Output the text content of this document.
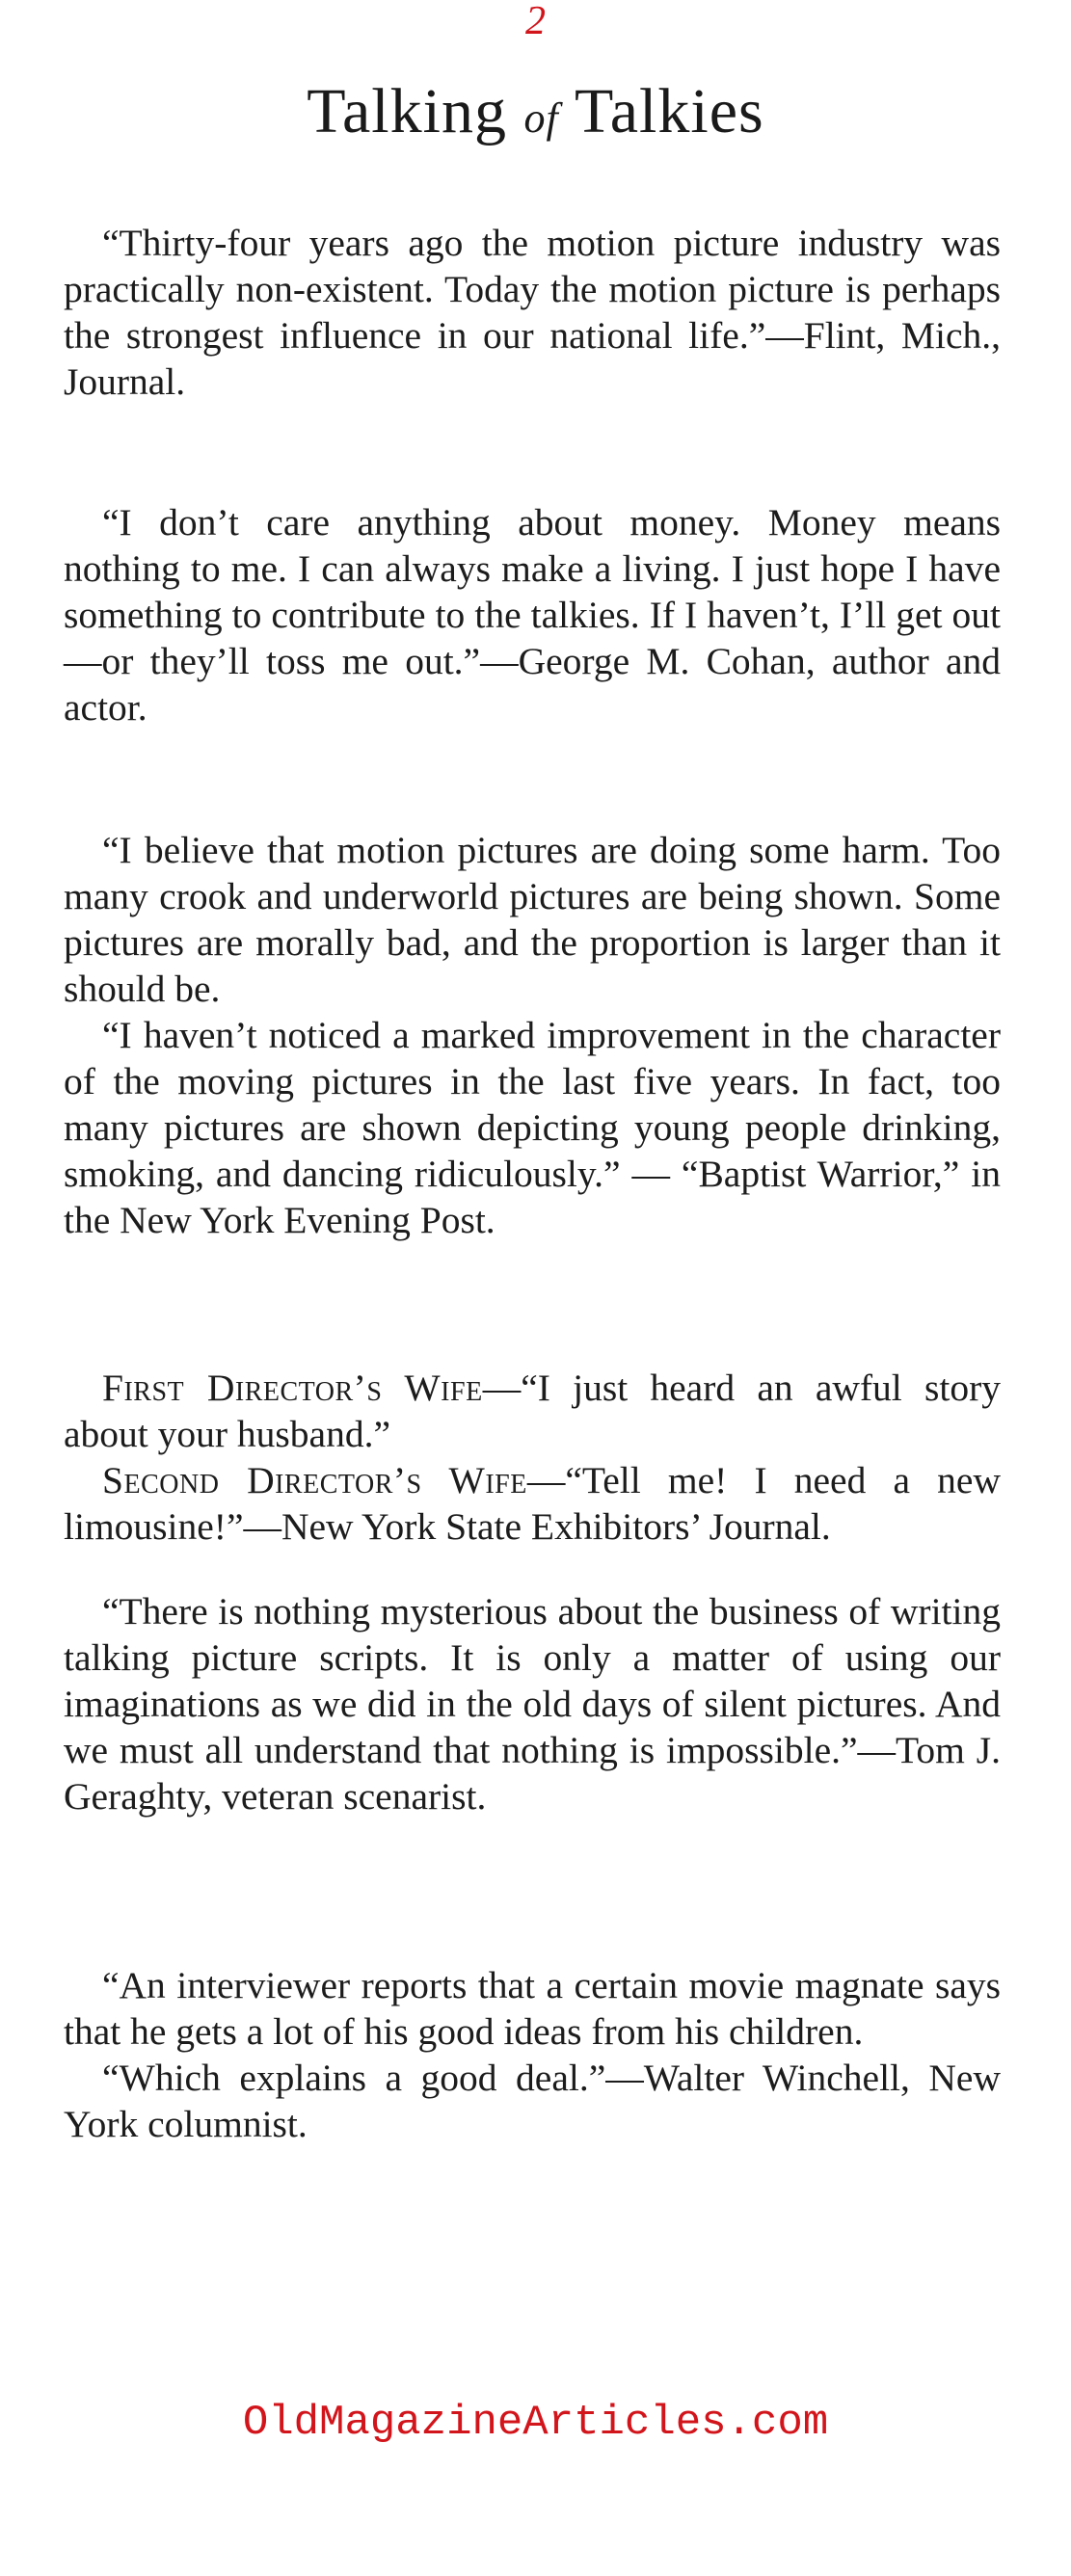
2
Talking of Talkies

“Thirty-four years ago the motion picture industry was practically non-existent. Today the motion picture is perhaps the strongest influence in our national life.”—Flint, Mich., Journal.

“I don’t care anything about money. Money means nothing to me. I can always make a living. I just hope I have something to contribute to the talkies. If I haven’t, I’ll get out —or they’ll toss me out.”—George M. Cohan, author and actor.

“I believe that motion pictures are doing some harm. Too many crook and underworld pictures are being shown. Some pictures are morally bad, and the proportion is larger than it should be.

“I haven’t noticed a marked improvement in the character of the moving pictures in the last five years. In fact, too many pictures are shown depicting young people drinking, smoking, and dancing ridiculously.” — “Baptist Warrior,” in the New York Evening Post.

First Director’s Wife—“I just heard an awful story about your husband.”

Second Director’s Wife—“Tell me! I need a new limousine!”—New York State Exhibitors’ Journal.

“There is nothing mysterious about the business of writing talking picture scripts. It is only a matter of using our imaginations as we did in the old days of silent pictures. And we must all understand that nothing is impossible.”—Tom J. Geraghty, veteran scenarist.

“An interviewer reports that a certain movie magnate says that he gets a lot of his good ideas from his children.

“Which explains a good deal.”—Walter Winchell, New York columnist.

OldMagazineArticles.com
